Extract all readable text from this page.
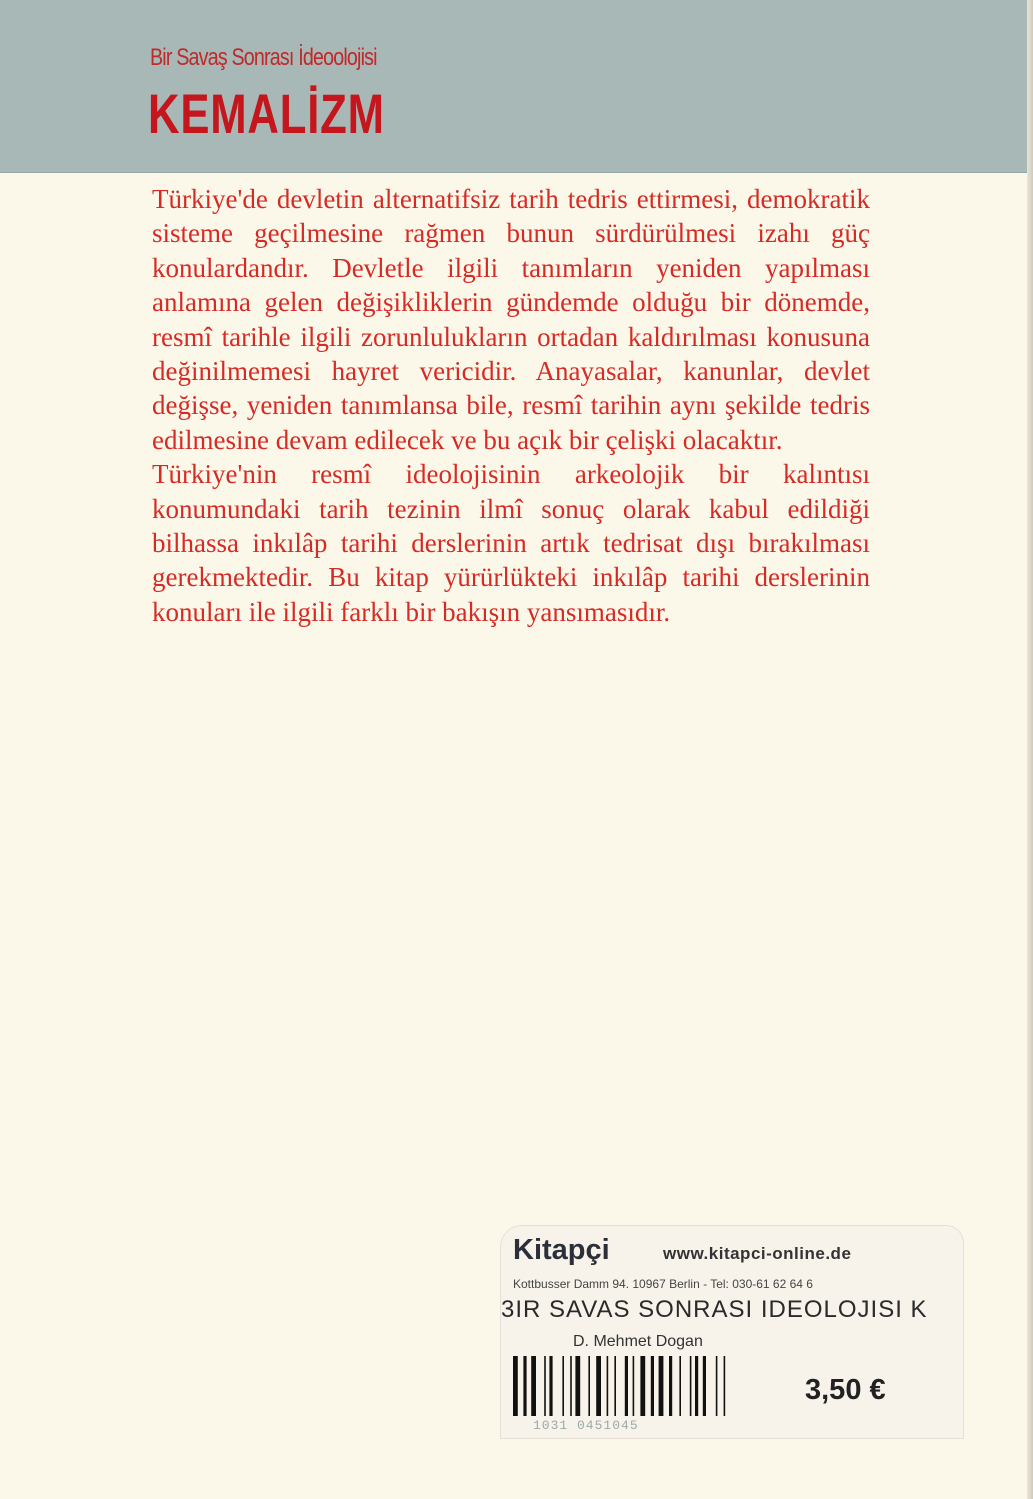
Bir Savaş Sonrası İdeoolojisi
KEMALİZM

Türkiye'de devletin alternatifsiz tarih tedris ettirmesi, demokratik sisteme geçilmesine rağmen bunun sürdürülmesi izahı güç konulardandır. Devletle ilgili tanımların yeniden yapılması anlamına gelen değişikliklerin gündemde olduğu bir dönemde, resmî tarihle ilgili zorunlulukların ortadan kaldırılması konusuna değinilmemesi hayret vericidir. Anayasalar, kanunlar, devlet değişse, yeniden tanımlansa bile, resmî tarihin aynı şekilde tedris edilmesine devam edilecek ve bu açık bir çelişki olacaktır.

Türkiye'nin resmî ideolojisinin arkeolojik bir kalıntısı konumundaki tarih tezinin ilmî sonuç olarak kabul edildiği bilhassa inkılâp tarihi derslerinin artık tedrisat dışı bırakılması gerekmektedir. Bu kitap yürürlükteki inkılâp tarihi derslerinin konuları ile ilgili farklı bir bakışın yansımasıdır.

Kitapçi	www.kitapci-online.de
Kottbusser Damm 94. 10967 Berlin - Tel: 030-61 62 64 6
3IR SAVAS SONRASI IDEOLOJISI K
D. Mehmet Dogan
1031 0451045
3,50 €
